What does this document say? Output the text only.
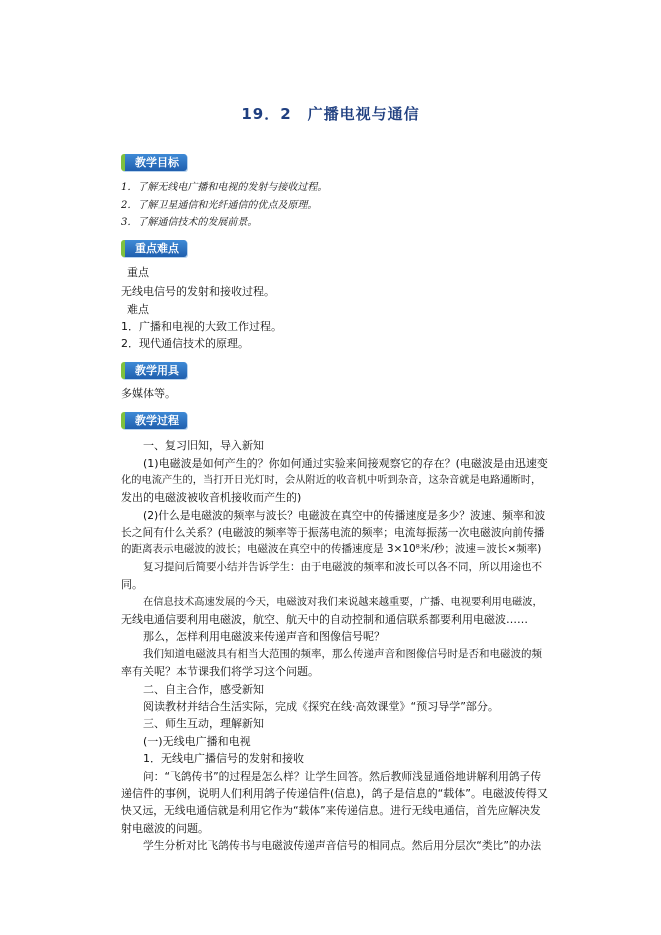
19．2　广播电视与通信
教学目标
1．了解无线电广播和电视的发射与接收过程。
2．了解卫星通信和光纤通信的优点及原理。
3．了解通信技术的发展前景。
重点难点
重点
无线电信号的发射和接收过程。
难点
1．广播和电视的大致工作过程。
2．现代通信技术的原理。
教学用具
多媒体等。
教学过程
一、复习旧知，导入新知
(1)电磁波是如何产生的？你如何通过实验来间接观察它的存在？(电磁波是由迅速变
化的电流产生的，当打开日光灯时，会从附近的收音机中听到杂音，这杂音就是电路通断时，
发出的电磁波被收音机接收而产生的)
(2)什么是电磁波的频率与波长？电磁波在真空中的传播速度是多少？波速、频率和波
长之间有什么关系？(电磁波的频率等于振荡电流的频率；电流每振荡一次电磁波向前传播
的距离表示电磁波的波长；电磁波在真空中的传播速度是 3×10⁸米/秒；波速＝波长×频率)
复习提问后简要小结并告诉学生：由于电磁波的频率和波长可以各不同，所以用途也不
同。
在信息技术高速发展的今天，电磁波对我们来说越来越重要，广播、电视要利用电磁波，
无线电通信要利用电磁波，航空、航天中的自动控制和通信联系都要利用电磁波……
那么，怎样利用电磁波来传递声音和图像信号呢？
我们知道电磁波具有相当大范围的频率，那么传递声音和图像信号时是否和电磁波的频
率有关呢？本节课我们将学习这个问题。
二、自主合作，感受新知
阅读教材并结合生活实际，完成《探究在线·高效课堂》“预习导学”部分。
三、师生互动，理解新知
(一)无线电广播和电视
1．无线电广播信号的发射和接收
问：“飞鸽传书”的过程是怎么样？让学生回答。然后教师浅显通俗地讲解利用鸽子传
递信件的事例，说明人们利用鸽子传递信件(信息)，鸽子是信息的“载体”。电磁波传得又
快又远，无线电通信就是利用它作为“载体”来传递信息。进行无线电通信，首先应解决发
射电磁波的问题。
学生分析对比飞鸽传书与电磁波传递声音信号的相同点。然后用分层次“类比”的办法
